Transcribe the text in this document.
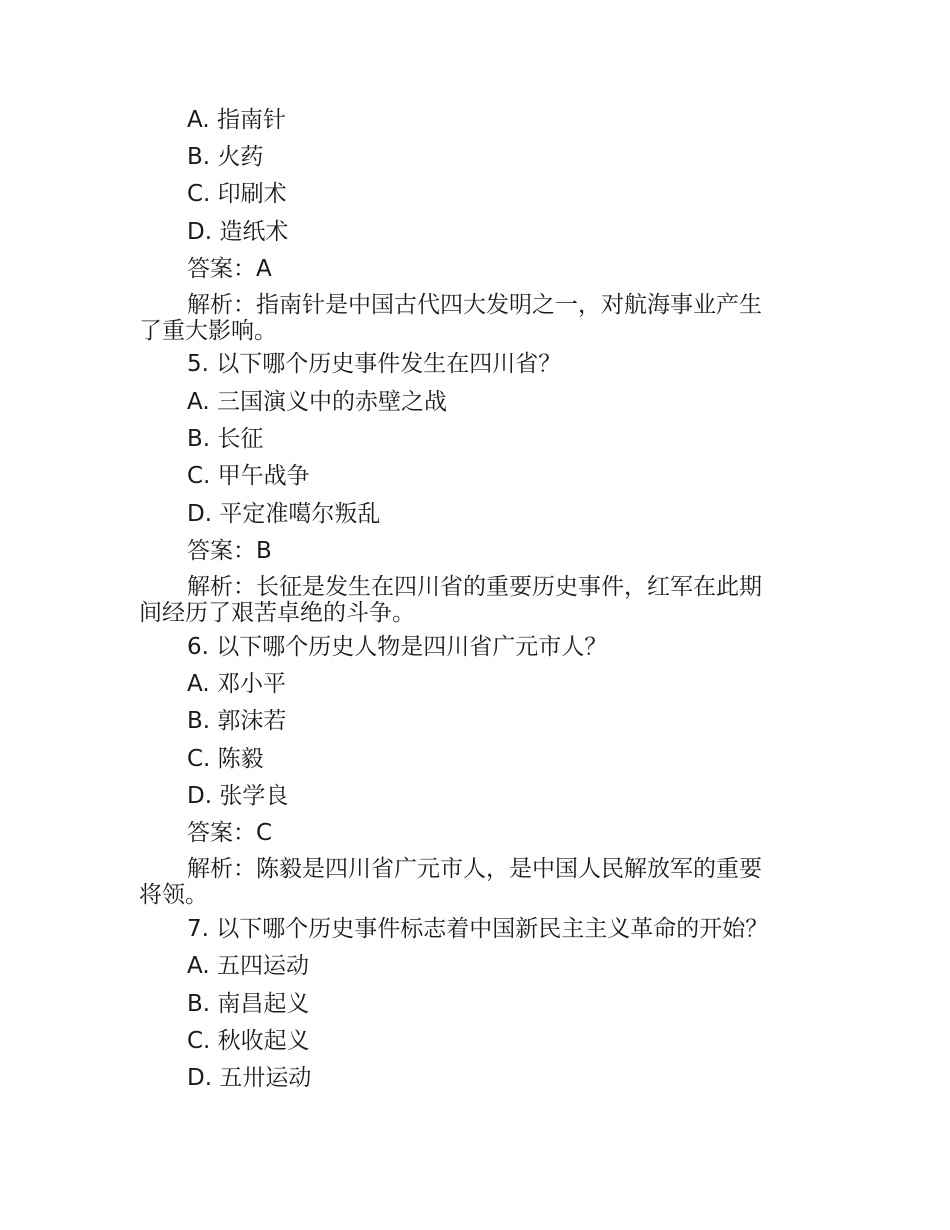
A. 指南针

B. 火药

C. 印刷术

D. 造纸术

答案：A

解析：指南针是中国古代四大发明之一，对航海事业产生
了重大影响。

5. 以下哪个历史事件发生在四川省？

A. 三国演义中的赤壁之战

B. 长征

C. 甲午战争

D. 平定准噶尔叛乱

答案：B

解析：长征是发生在四川省的重要历史事件，红军在此期
间经历了艰苦卓绝的斗争。

6. 以下哪个历史人物是四川省广元市人？

A. 邓小平

B. 郭沫若

C. 陈毅

D. 张学良

答案：C

解析：陈毅是四川省广元市人，是中国人民解放军的重要
将领。

7. 以下哪个历史事件标志着中国新民主主义革命的开始？

A. 五四运动

B. 南昌起义

C. 秋收起义

D. 五卅运动
